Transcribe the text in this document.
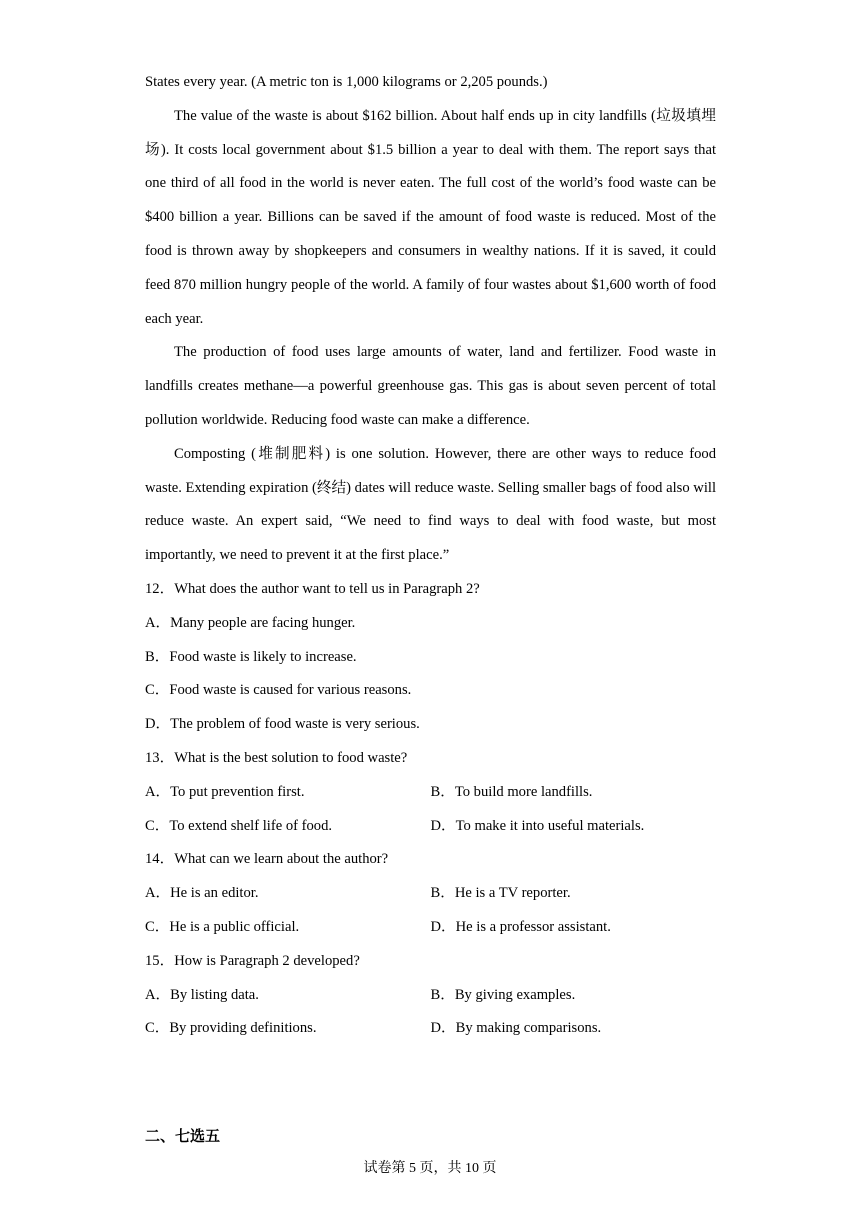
States every year. (A metric ton is 1,000 kilograms or 2,205 pounds.)

The value of the waste is about $162 billion. About half ends up in city landfills (垃圾填埋场). It costs local government about $1.5 billion a year to deal with them. The report says that one third of all food in the world is never eaten. The full cost of the world’s food waste can be $400 billion a year. Billions can be saved if the amount of food waste is reduced. Most of the food is thrown away by shopkeepers and consumers in wealthy nations. If it is saved, it could feed 870 million hungry people of the world. A family of four wastes about $1,600 worth of food each year.

The production of food uses large amounts of water, land and fertilizer. Food waste in landfills creates methane—a powerful greenhouse gas. This gas is about seven percent of total pollution worldwide. Reducing food waste can make a difference.

Composting (堆制肥料) is one solution. However, there are other ways to reduce food waste. Extending expiration (终结) dates will reduce waste. Selling smaller bags of food also will reduce waste. An expert said, “We need to find ways to deal with food waste, but most importantly, we need to prevent it at the first place.”

12．What does the author want to tell us in Paragraph 2?

A．Many people are facing hunger.

B．Food waste is likely to increase.

C．Food waste is caused for various reasons.

D．The problem of food waste is very serious.

13．What is the best solution to food waste?

A．To put prevention first.	B．To build more landfills.

C．To extend shelf life of food.	D．To make it into useful materials.

14．What can we learn about the author?

A．He is an editor.	B．He is a TV reporter.

C．He is a public official.	D．He is a professor assistant.

15．How is Paragraph 2 developed?

A．By listing data.	B．By giving examples.

C．By providing definitions.	D．By making comparisons.

二、七选五
试卷第 5 页，共 10 页
